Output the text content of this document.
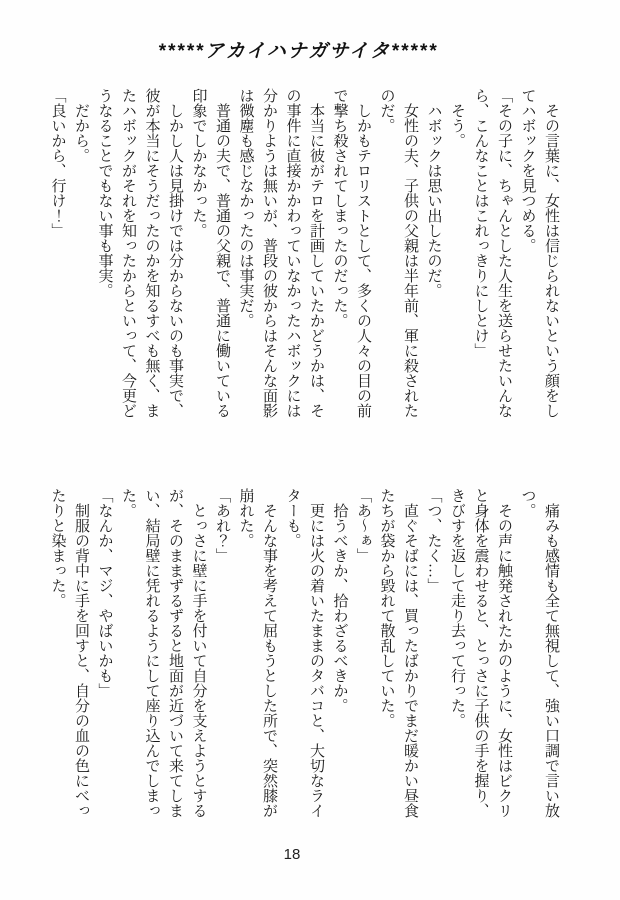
*****アカイハナガサイタ*****

その言葉に、女性は信じられないという顔をしてハボックを見つめる。

「その子に、ちゃんとした人生を送らせたいんなら、こんなことはこれっきりにしとけ」

そう。

ハボックは思い出したのだ。

女性の夫、子供の父親は半年前、軍に殺されたのだ。

しかもテロリストとして、多くの人々の目の前で撃ち殺されてしまったのだった。

本当に彼がテロを計画していたかどうかは、その事件に直接かかわっていなかったハボックには分かりようは無いが、普段の彼からはそんな面影は微塵も感じなかったのは事実だ。

普通の夫で、普通の父親で、普通に働いている印象でしかなかった。

しかし人は見掛けでは分からないのも事実で、彼が本当にそうだったのかを知るすべも無く、またハボックがそれを知ったからといって、今更どうなることでもない事も事実。

だから。

「良いから、行け！」

痛みも感情も全て無視して、強い口調で言い放つ。

その声に触発されたかのように、女性はビクリと身体を震わせると、とっさに子供の手を握り、きびすを返して走り去って行った。

「つ、たく…」

直ぐそばには、買ったばかりでまだ暖かい昼食たちが袋から毀れて散乱していた。

「あ〜ぁ」

拾うべきか、拾わざるべきか。

更には火の着いたままのタバコと、大切なライターも。

そんな事を考えて屈もうとした所で、突然膝が崩れた。

「あれ？」

とっさに壁に手を付いて自分を支えようとするが、そのままずるずると地面が近づいて来てしまい、結局壁に凭れるようにして座り込んでしまった。

「なんか、マジ、やばいかも」

制服の背中に手を回すと、自分の血の色にべったりと染まった。

18
